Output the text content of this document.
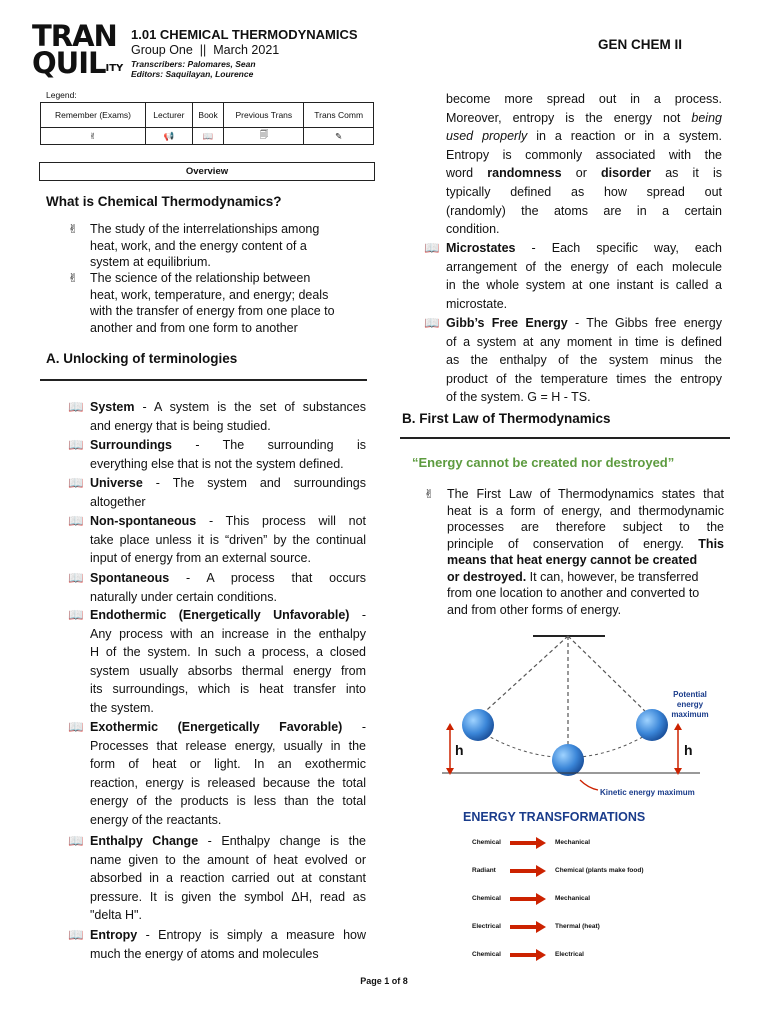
TRAN
$QUIL_{ITY}$
1.01 CHEMICAL THERMODYNAMICS
Group One  ||  March 2021
Transcribers: Palomares, Sean
Editors: Saquilayan, Lourence
GEN CHEM II
Legend:
Remember (Exams)	Lecturer	Book	Previous Trans	Trans Comm
✌	📢	📖	🗐	✎
Overview
What is Chemical Thermodynamics?
✌ The study of the interrelationships among
heat, work, and the energy content of a
system at equilibrium.
✌ The science of the relationship between
heat, work, temperature, and energy; deals
with the transfer of energy from one place to
another and from one form to another
A. Unlocking of terminologies
📖 System - A system is the set of substances
and energy that is being studied.
📖 Surroundings - The surrounding is
everything else that is not the system defined.
📖 Universe - The system and surroundings
altogether
📖 Non-spontaneous - This process will not
take place unless it is “driven” by the continual
input of energy from an external source.
📖 Spontaneous - A process that occurs
naturally under certain conditions.
📖 Endothermic (Energetically Unfavorable) -
Any process with an increase in the enthalpy
H of the system. In such a process, a closed
system usually absorbs thermal energy from
its surroundings, which is heat transfer into
the system.
📖 Exothermic (Energetically Favorable) -
Processes that release energy, usually in the
form of heat or light. In an exothermic
reaction, energy is released because the total
energy of the products is less than the total
energy of the reactants.
📖 Enthalpy Change - Enthalpy change is the
name given to the amount of heat evolved or
absorbed in a reaction carried out at constant
pressure. It is given the symbol ΔH, read as
"delta H".
📖 Entropy - Entropy is simply a measure how
much the energy of atoms and molecules
become more spread out in a process.
Moreover, entropy is the energy not being
used properly in a reaction or in a system.
Entropy is commonly associated with the
word randomness or disorder as it is
typically defined as how spread out
(randomly) the atoms are in a certain
condition.
📖 Microstates - Each specific way, each
arrangement of the energy of each molecule
in the whole system at one instant is called a
microstate.
📖 Gibb’s Free Energy - The Gibbs free energy
of a system at any moment in time is defined
as the enthalpy of the system minus the
product of the temperature times the entropy
of the system. G = H - TS.
B. First Law of Thermodynamics
“Energy cannot be created nor destroyed”
✌ The First Law of Thermodynamics states that
heat is a form of energy, and thermodynamic
processes are therefore subject to the
principle of conservation of energy. This
means that heat energy cannot be created
or destroyed. It can, however, be transferred
from one location to another and converted to
and from other forms of energy.
h	h
Potential
energy
maximum
Kinetic energy maximum
ENERGY TRANSFORMATIONS
Chemical	Mechanical
Radiant	Chemical (plants make food)
Chemical	Mechanical
Electrical	Thermal (heat)
Chemical	Electrical
Page 1 of 8
